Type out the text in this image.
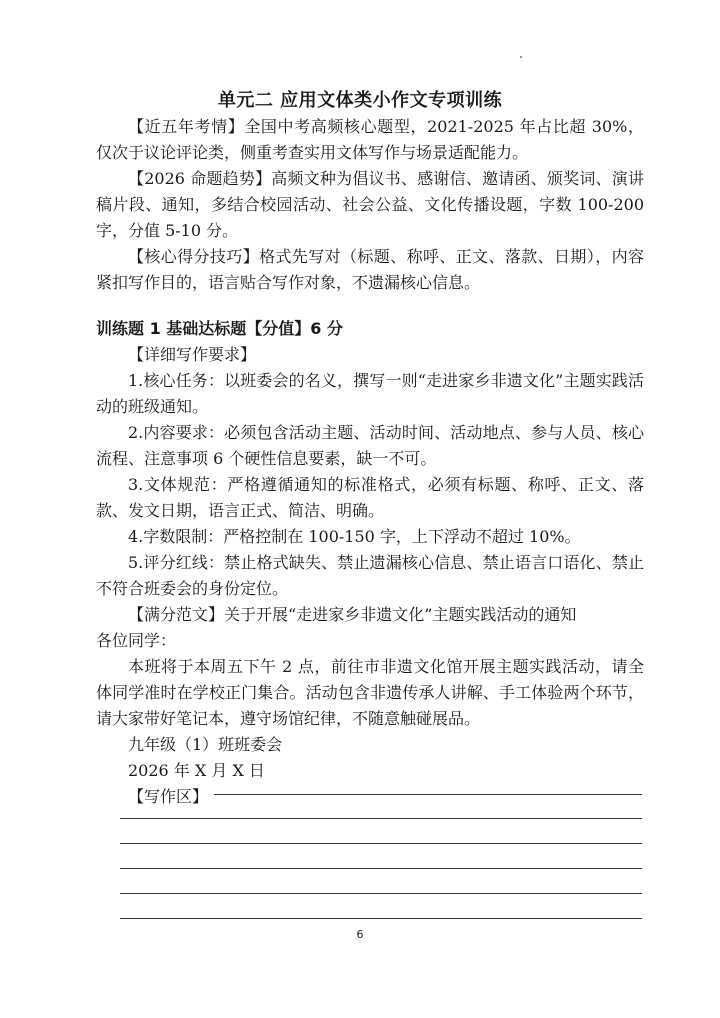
单元二 应用文体类小作文专项训练

【近五年考情】全国中考高频核心题型，2021-2025 年占比超 30%，仅次于议论评论类，侧重考查实用文体写作与场景适配能力。

【2026 命题趋势】高频文种为倡议书、感谢信、邀请函、颁奖词、演讲稿片段、通知，多结合校园活动、社会公益、文化传播设题，字数 100-200 字，分值 5-10 分。

【核心得分技巧】格式先写对（标题、称呼、正文、落款、日期），内容紧扣写作目的，语言贴合写作对象，不遗漏核心信息。

训练题 1 基础达标题【分值】6 分

【详细写作要求】

1.核心任务：以班委会的名义，撰写一则“走进家乡非遗文化”主题实践活动的班级通知。

2.内容要求：必须包含活动主题、活动时间、活动地点、参与人员、核心流程、注意事项 6 个硬性信息要素，缺一不可。

3.文体规范：严格遵循通知的标准格式，必须有标题、称呼、正文、落款、发文日期，语言正式、简洁、明确。

4.字数限制：严格控制在 100-150 字，上下浮动不超过 10%。

5.评分红线：禁止格式缺失、禁止遗漏核心信息、禁止语言口语化、禁止不符合班委会的身份定位。

【满分范文】关于开展“走进家乡非遗文化”主题实践活动的通知

各位同学：

本班将于本周五下午 2 点，前往市非遗文化馆开展主题实践活动，请全体同学准时在学校正门集合。活动包含非遗传承人讲解、手工体验两个环节，请大家带好笔记本，遵守场馆纪律，不随意触碰展品。

九年级（1）班班委会

2026 年 X 月 X 日

【写作区】

6
